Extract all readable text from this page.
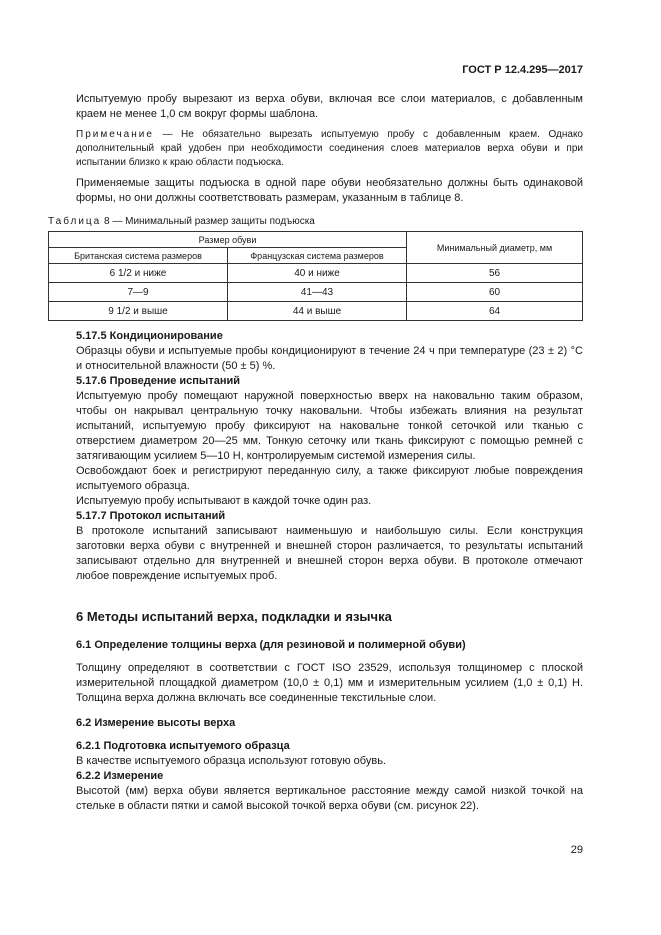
ГОСТ Р 12.4.295—2017

Испытуемую пробу вырезают из верха обуви, включая все слои материалов, с добавленным краем не менее 1,0 см вокруг формы шаблона.

Примечание — Не обязательно вырезать испытуемую пробу с добавленным краем. Однако дополнительный край удобен при необходимости соединения слоев материалов верха обуви и при испытании близко к краю области подъюска.

Применяемые защиты подъюска в одной паре обуви необязательно должны быть одинаковой формы, но они должны соответствовать размерам, указанным в таблице 8.

Таблица 8 — Минимальный размер защиты подъюска
Размер обуви		Минимальный диаметр, мм
Британская система размеров	Французская система размеров	
6 1/2 и ниже	40 и ниже	56
7—9	41—43	60
9 1/2 и выше	44 и выше	64
5.17.5 Кондиционирование

Образцы обуви и испытуемые пробы кондиционируют в течение 24 ч при температуре (23 ± 2) °С и относительной влажности (50 ± 5) %.

5.17.6 Проведение испытаний

Испытуемую пробу помещают наружной поверхностью вверх на наковальню таким образом, чтобы он накрывал центральную точку наковальни. Чтобы избежать влияния на результат испытаний, испытуемую пробу фиксируют на наковальне тонкой сеточкой или тканью с отверстием диаметром 20—25 мм. Тонкую сеточку или ткань фиксируют с помощью ремней с затягивающим усилием 5—10 Н, контролируемым системой измерения силы.

Освобождают боек и регистрируют переданную силу, а также фиксируют любые повреждения испытуемого образца.

Испытуемую пробу испытывают в каждой точке один раз.

5.17.7 Протокол испытаний

В протоколе испытаний записывают наименьшую и наибольшую силы. Если конструкция заготовки верха обуви с внутренней и внешней сторон различается, то результаты испытаний записывают отдельно для внутренней и внешней сторон верха обуви. В протоколе отмечают любое повреждение испытуемых проб.

6 Методы испытаний верха, подкладки и язычка
6.1 Определение толщины верха (для резиновой и полимерной обуви)

Толщину определяют в соответствии с ГОСТ ISO 23529, используя толщиномер с плоской измерительной площадкой диаметром (10,0 ± 0,1) мм и измерительным усилием (1,0 ± 0,1) Н. Толщина верха должна включать все соединенные текстильные слои.

6.2 Измерение высоты верха
6.2.1 Подготовка испытуемого образца

В качестве испытуемого образца используют готовую обувь.

6.2.2 Измерение

Высотой (мм) верха обуви является вертикальное расстояние между самой низкой точкой на стельке в области пятки и самой высокой точкой верха обуви (см. рисунок 22).

29
